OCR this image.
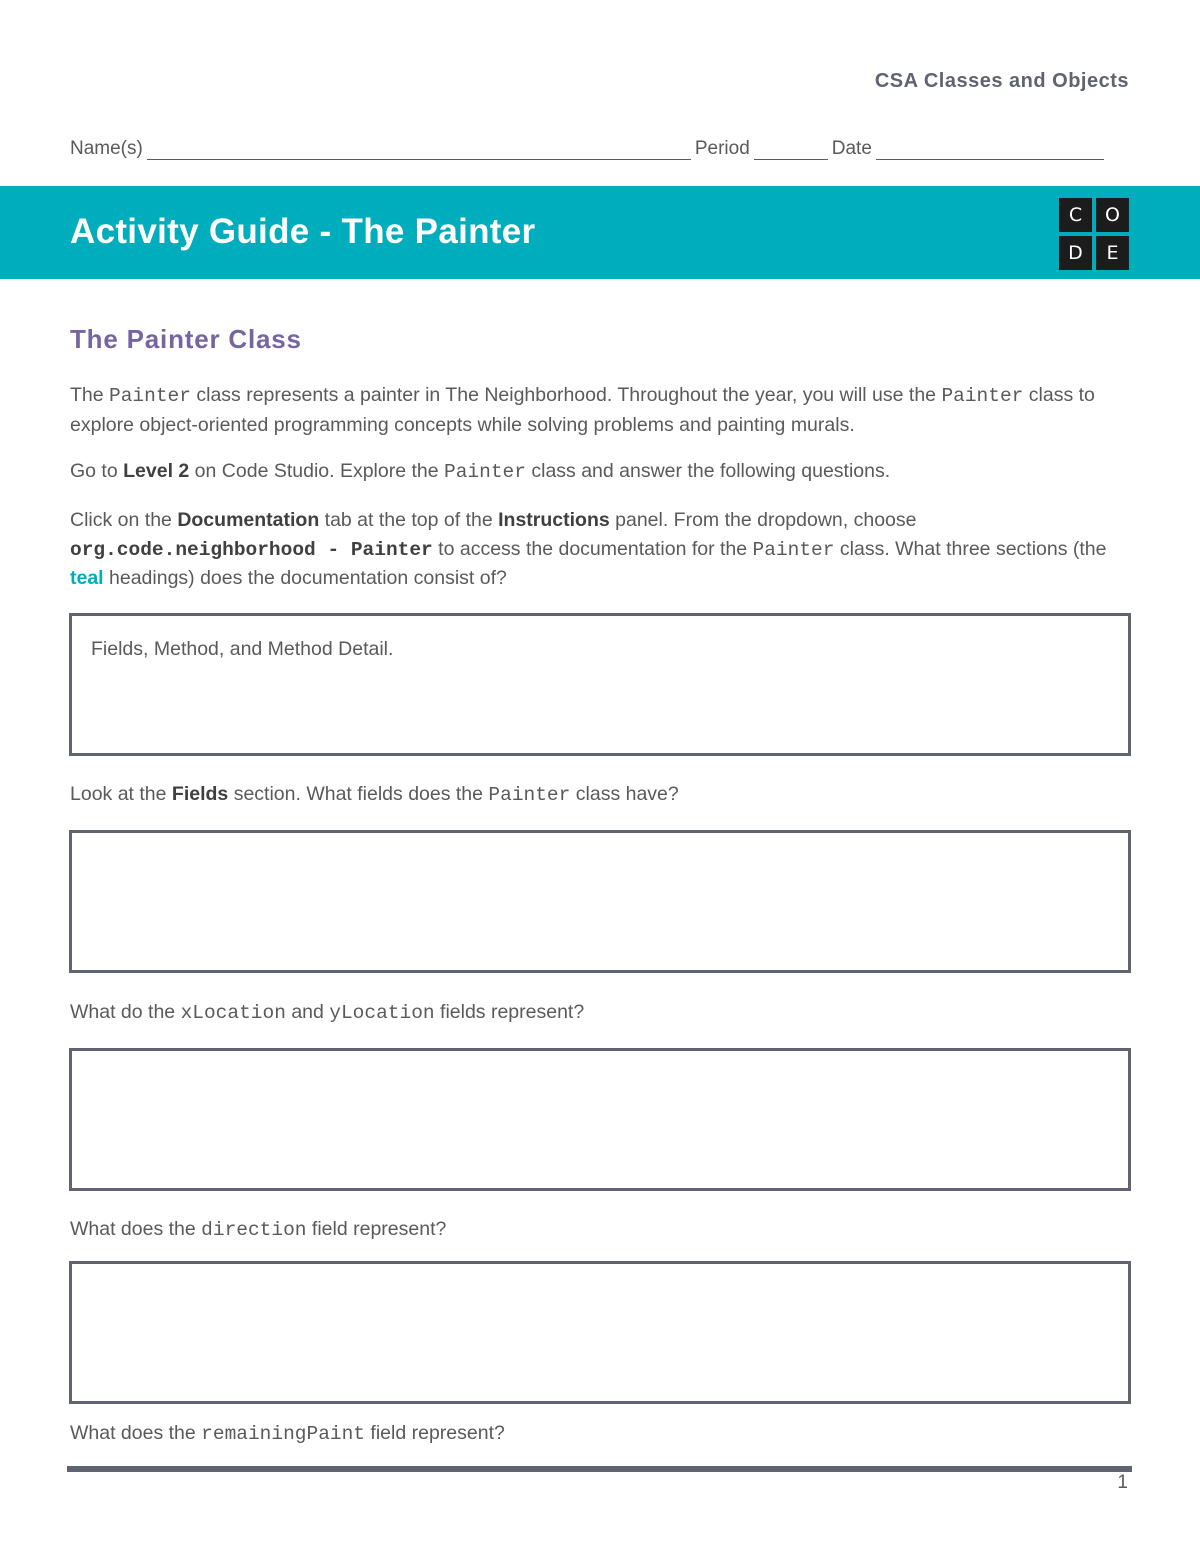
CSA Classes and Objects
Name(s)	Period	Date
Activity Guide - The Painter	C	O
D	E
The Painter Class
The Painter class represents a painter in The Neighborhood. Throughout the year, you will use the Painter class to explore object-oriented programming concepts while solving problems and painting murals.
Go to Level 2 on Code Studio. Explore the Painter class and answer the following questions.
Click on the Documentation tab at the top of the Instructions panel. From the dropdown, choose
org.code.neighborhood - Painter to access the documentation for the Painter class. What three sections (the teal headings) does the documentation consist of?
Fields, Method, and Method Detail.
Look at the Fields section. What fields does the Painter class have?
What do the xLocation and yLocation fields represent?
What does the direction field represent?
What does the remainingPaint field represent?
1
